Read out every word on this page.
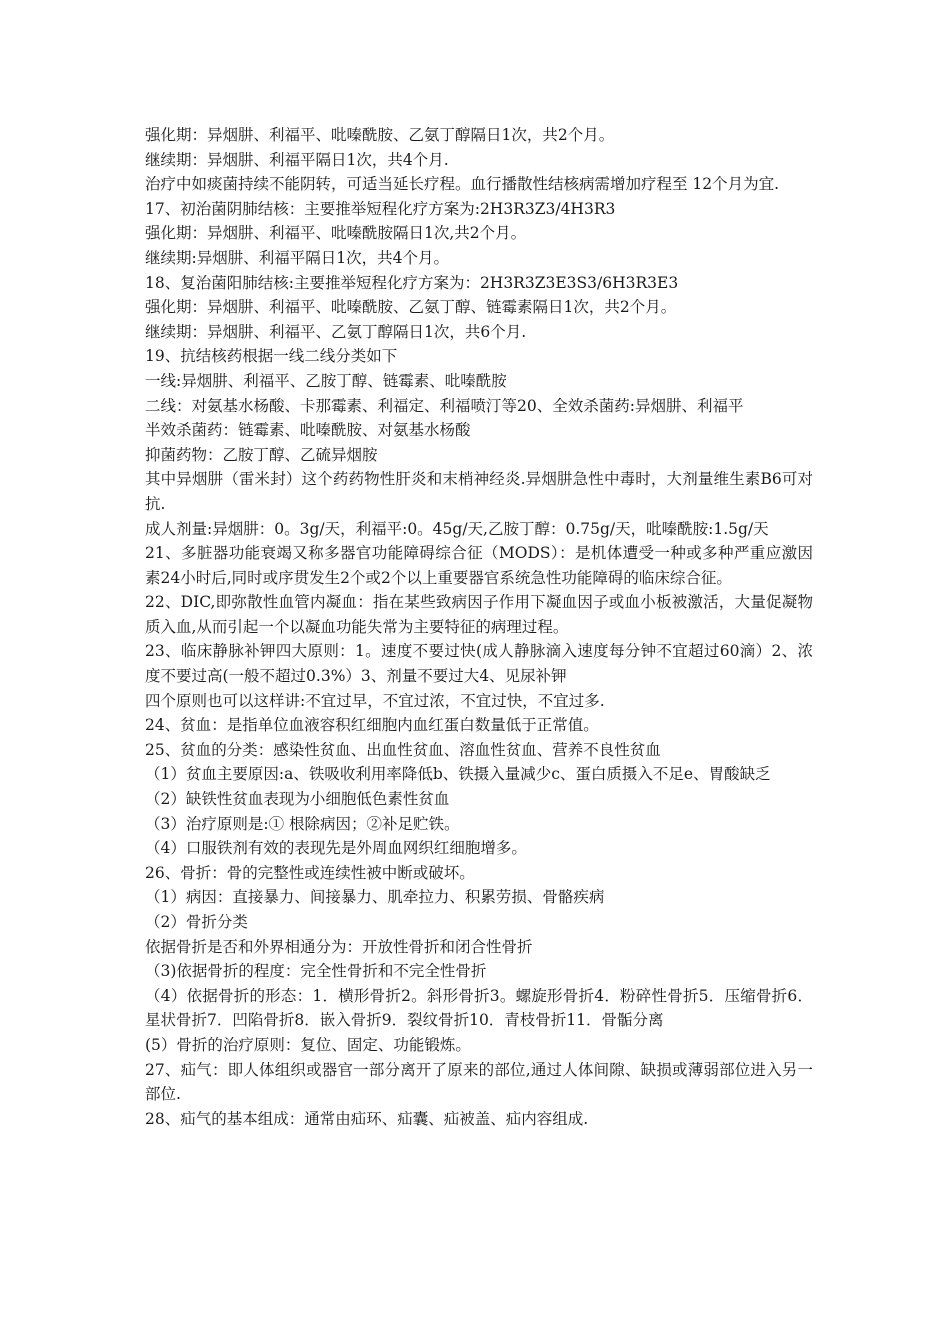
强化期：异烟肼、利福平、吡嗪酰胺、乙氨丁醇隔日1次，共2个月。

继续期：异烟肼、利福平隔日1次，共4个月.

治疗中如痰菌持续不能阴转，可适当延长疗程。血行播散性结核病需增加疗程至 12个月为宜.

17、初治菌阴肺结核：主要推举短程化疗方案为:2H3R3Z3/4H3R3

强化期：异烟肼、利福平、吡嗪酰胺隔日1次,共2个月。

继续期:异烟肼、利福平隔日1次，共4个月。

18、复治菌阳肺结核:主要推举短程化疗方案为：2H3R3Z3E3S3/6H3R3E3

强化期：异烟肼、利福平、吡嗪酰胺、乙氨丁醇、链霉素隔日1次，共2个月。

继续期：异烟肼、利福平、乙氨丁醇隔日1次，共6个月.

19、抗结核药根据一线二线分类如下

一线:异烟肼、利福平、乙胺丁醇、链霉素、吡嗪酰胺

二线：对氨基水杨酸、卡那霉素、利福定、利福喷汀等20、全效杀菌药:异烟肼、利福平

半效杀菌药：链霉素、吡嗪酰胺、对氨基水杨酸

抑菌药物：乙胺丁醇、乙硫异烟胺

其中异烟肼（雷米封）这个药药物性肝炎和末梢神经炎.异烟肼急性中毒时，大剂量维生素B6可对抗.

成人剂量:异烟肼：0。3g/天，利福平:0。45g/天,乙胺丁醇：0.75g/天，吡嗪酰胺:1.5g/天

21、多脏器功能衰竭又称多器官功能障碍综合征（MODS）：是机体遭受一种或多种严重应激因素24小时后,同时或序贯发生2个或2个以上重要器官系统急性功能障碍的临床综合征。

22、DIC,即弥散性血管内凝血：指在某些致病因子作用下凝血因子或血小板被激活，大量促凝物质入血,从而引起一个以凝血功能失常为主要特征的病理过程。

23、临床静脉补钾四大原则：1。速度不要过快(成人静脉滴入速度每分钟不宜超过60滴）2、浓度不要过高(一般不超过0.3%）3、剂量不要过大4、见尿补钾

四个原则也可以这样讲:不宜过早，不宜过浓，不宜过快，不宜过多.

24、贫血：是指单位血液容积红细胞内血红蛋白数量低于正常值。

25、贫血的分类：感染性贫血、出血性贫血、溶血性贫血、营养不良性贫血

（1）贫血主要原因:a、铁吸收利用率降低b、铁摄入量减少c、蛋白质摄入不足e、胃酸缺乏

（2）缺铁性贫血表现为小细胞低色素性贫血

（3）治疗原则是:① 根除病因；②补足贮铁。

（4）口服铁剂有效的表现先是外周血网织红细胞增多。

26、骨折：骨的完整性或连续性被中断或破坏。

（1）病因：直接暴力、间接暴力、肌牵拉力、积累劳损、骨骼疾病

（2）骨折分类

依据骨折是否和外界相通分为：开放性骨折和闭合性骨折

（3)依据骨折的程度：完全性骨折和不完全性骨折

（4）依据骨折的形态：1．横形骨折2。斜形骨折3。螺旋形骨折4．粉碎性骨折5．压缩骨折6．星状骨折7．凹陷骨折8．嵌入骨折9．裂纹骨折10．青枝骨折11．骨骺分离

(5）骨折的治疗原则：复位、固定、功能锻炼。

27、疝气：即人体组织或器官一部分离开了原来的部位,通过人体间隙、缺损或薄弱部位进入另一部位.

28、疝气的基本组成：通常由疝环、疝囊、疝被盖、疝内容组成.
